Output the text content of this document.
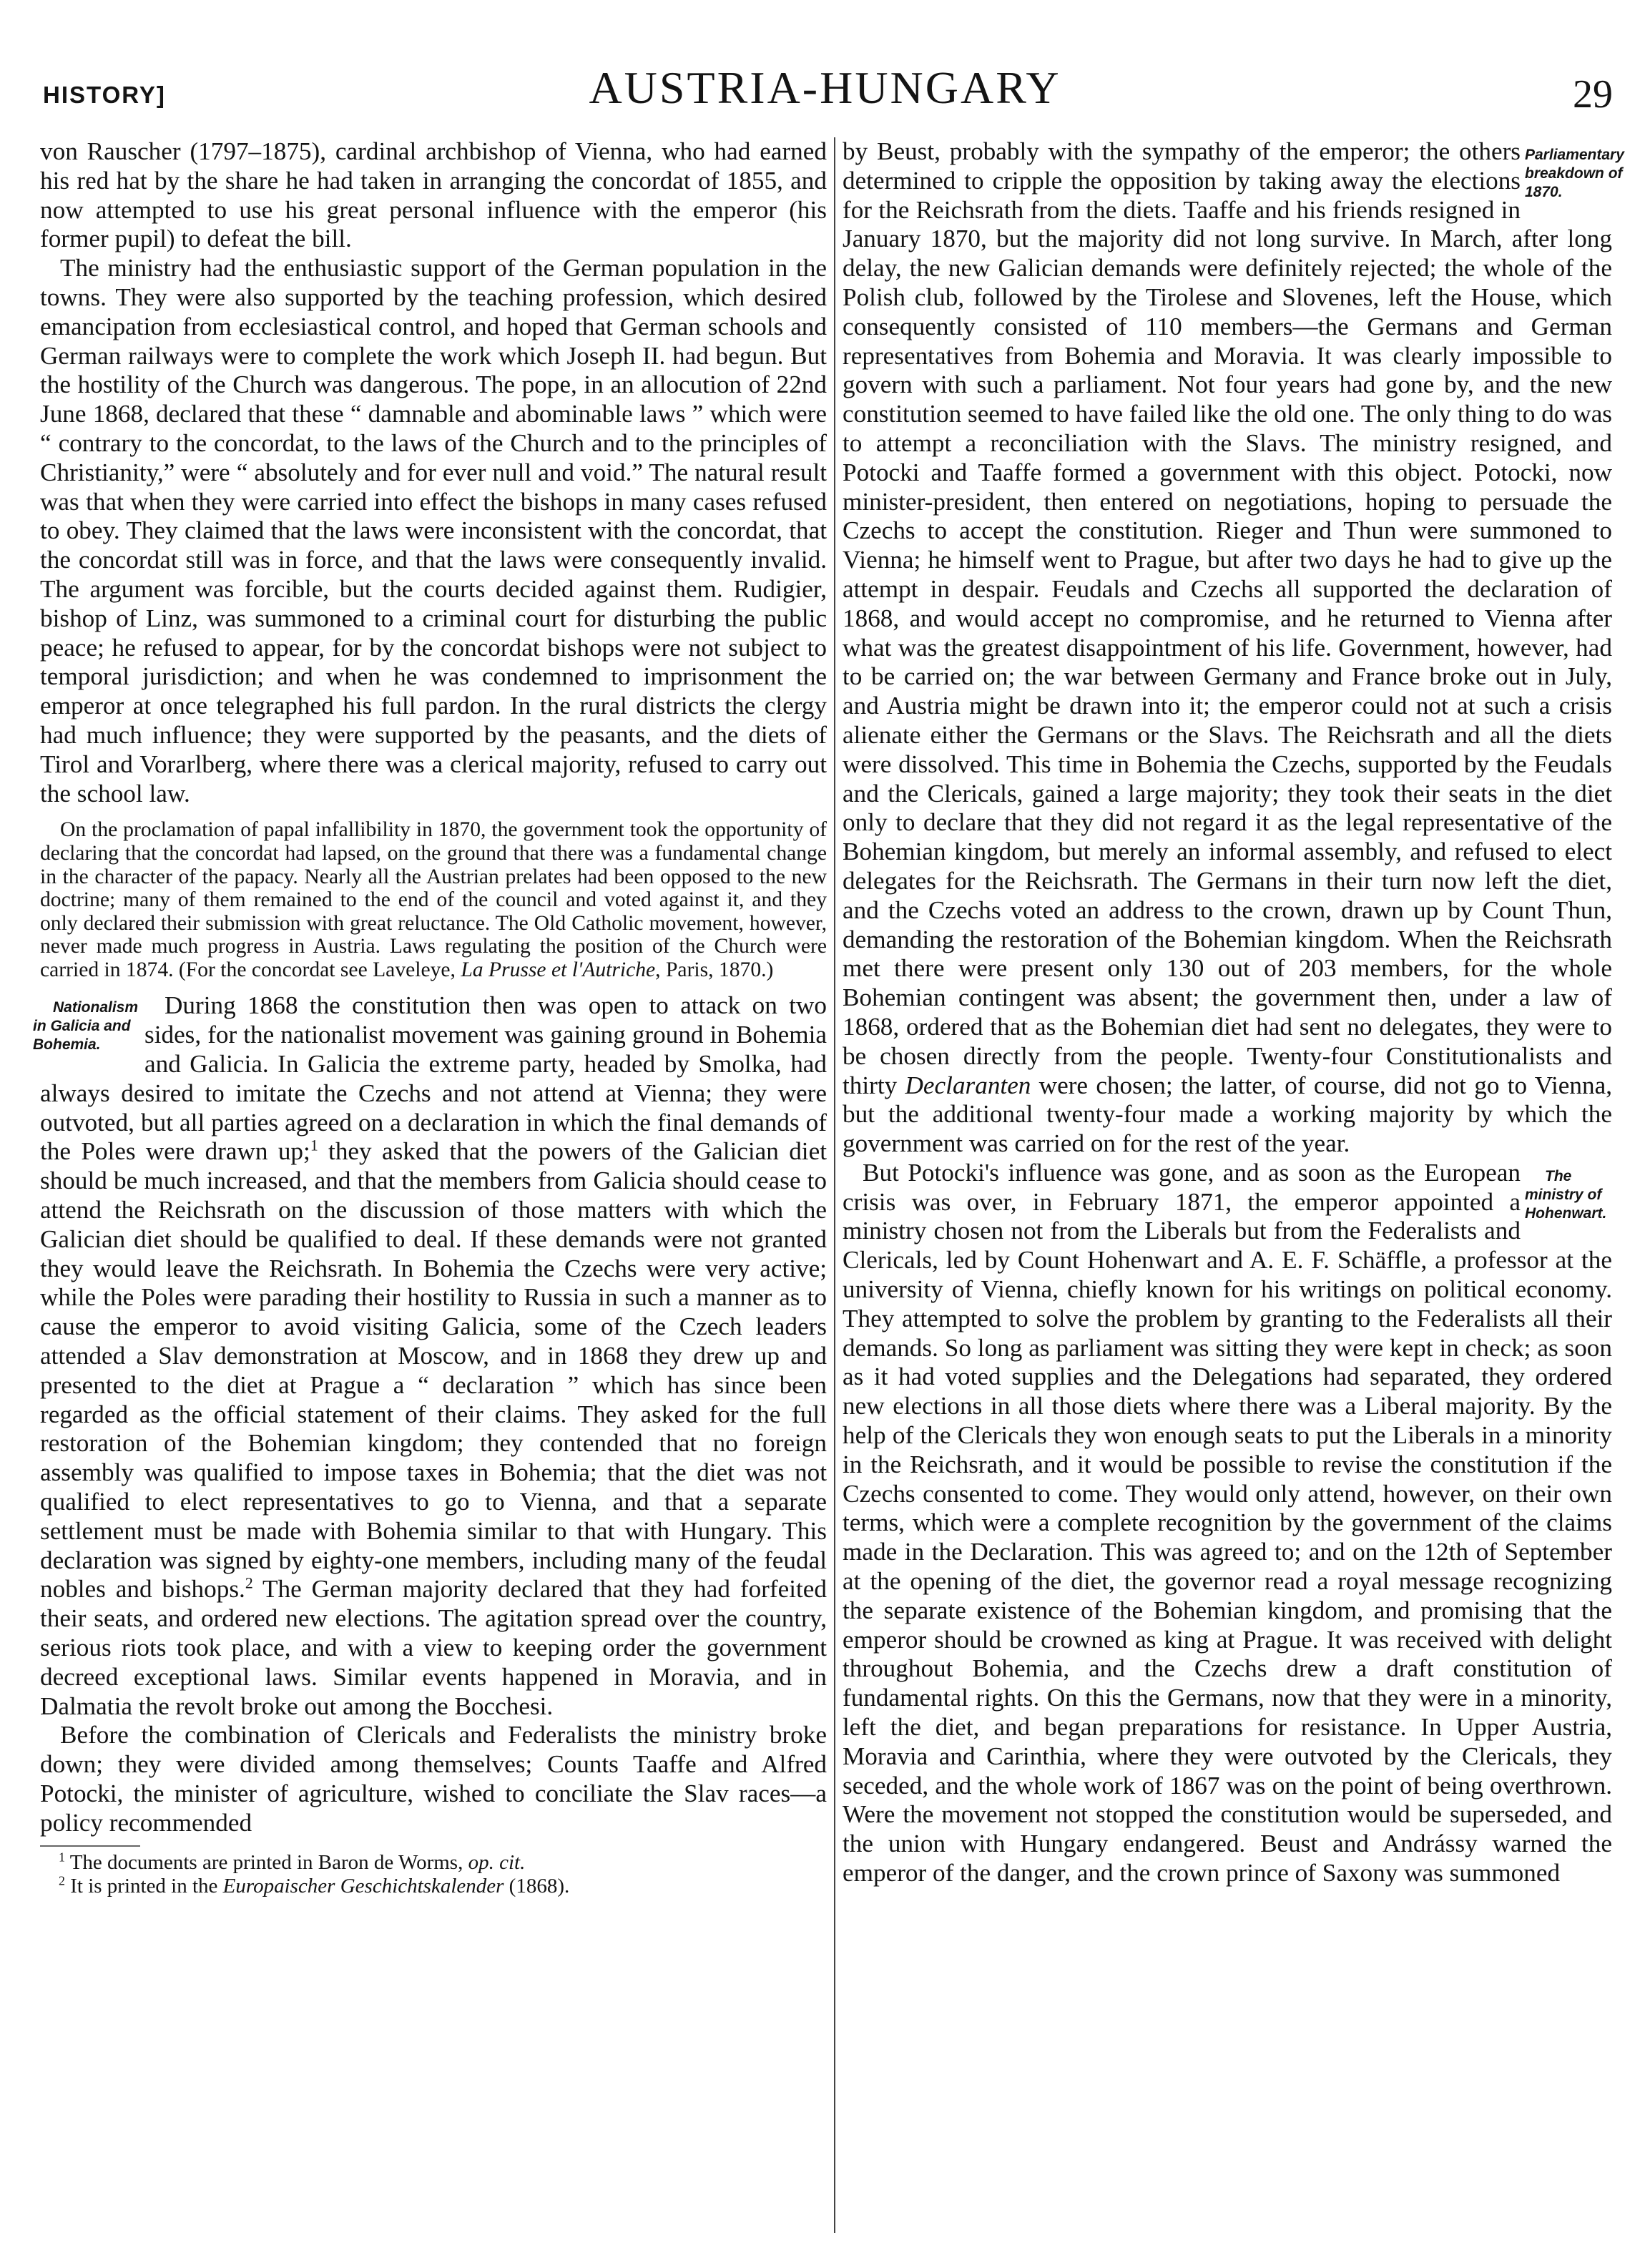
HISTORY]	AUSTRIA-HUNGARY	29

von Rauscher (1797–1875), cardinal archbishop of Vienna, who had earned his red hat by the share he had taken in arranging the concordat of 1855, and now attempted to use his great personal influence with the emperor (his former pupil) to defeat the bill.

The ministry had the enthusiastic support of the German population in the towns. They were also supported by the teaching profession, which desired emancipation from ecclesiastical control, and hoped that German schools and German railways were to complete the work which Joseph II. had begun. But the hostility of the Church was dangerous. The pope, in an allocution of 22nd June 1868, declared that these “ damnable and abominable laws ” which were “ contrary to the concordat, to the laws of the Church and to the principles of Christianity,” were “ absolutely and for ever null and void.” The natural result was that when they were carried into effect the bishops in many cases refused to obey. They claimed that the laws were inconsistent with the concordat, that the concordat still was in force, and that the laws were consequently invalid. The argument was forcible, but the courts decided against them. Rudigier, bishop of Linz, was summoned to a criminal court for disturbing the public peace; he refused to appear, for by the concordat bishops were not subject to temporal jurisdiction; and when he was condemned to imprisonment the emperor at once telegraphed his full pardon. In the rural districts the clergy had much influence; they were supported by the peasants, and the diets of Tirol and Vorarlberg, where there was a clerical majority, refused to carry out the school law.

On the proclamation of papal infallibility in 1870, the government took the opportunity of declaring that the concordat had lapsed, on the ground that there was a fundamental change in the character of the papacy. Nearly all the Austrian prelates had been opposed to the new doctrine; many of them remained to the end of the council and voted against it, and they only declared their submission with great reluctance. The Old Catholic movement, however, never made much progress in Austria. Laws regulating the position of the Church were carried in 1874. (For the concordat see Laveleye, La Prusse et l'Autriche, Paris, 1870.)

Nationalism in Galicia and Bohemia.
During 1868 the constitution then was open to attack on two sides, for the nationalist movement was gaining ground in Bohemia and Galicia. In Galicia the extreme party, headed by Smolka, had always desired to imitate the Czechs and not attend at Vienna; they were outvoted, but all parties agreed on a declaration in which the final demands of the Poles were drawn up;$^1$ they asked that the powers of the Galician diet should be much increased, and that the members from Galicia should cease to attend the Reichsrath on the discussion of those matters with which the Galician diet should be qualified to deal. If these demands were not granted they would leave the Reichsrath. In Bohemia the Czechs were very active; while the Poles were parading their hostility to Russia in such a manner as to cause the emperor to avoid visiting Galicia, some of the Czech leaders attended a Slav demonstration at Moscow, and in 1868 they drew up and presented to the diet at Prague a “ declaration ” which has since been regarded as the official statement of their claims. They asked for the full restoration of the Bohemian kingdom; they contended that no foreign assembly was qualified to impose taxes in Bohemia; that the diet was not qualified to elect representatives to go to Vienna, and that a separate settlement must be made with Bohemia similar to that with Hungary. This declaration was signed by eighty-one members, including many of the feudal nobles and bishops.$^2$ The German majority declared that they had forfeited their seats, and ordered new elections. The agitation spread over the country, serious riots took place, and with a view to keeping order the government decreed exceptional laws. Similar events happened in Moravia, and in Dalmatia the revolt broke out among the Bocchesi.

Before the combination of Clericals and Federalists the ministry broke down; they were divided among themselves; Counts Taaffe and Alfred Potocki, the minister of agriculture, wished to conciliate the Slav races—a policy recommended

$^1$ The documents are printed in Baron de Worms, op. cit.

$^2$ It is printed in the Europaischer Geschichtskalender (1868).

Parliamentary breakdown of 1870.
by Beust, probably with the sympathy of the emperor; the others determined to cripple the opposition by taking away the elections for the Reichsrath from the diets. Taaffe and his friends resigned in January 1870, but the majority did not long survive. In March, after long delay, the new Galician demands were definitely rejected; the whole of the Polish club, followed by the Tirolese and Slovenes, left the House, which consequently consisted of 110 members—the Germans and German representatives from Bohemia and Moravia. It was clearly impossible to govern with such a parliament. Not four years had gone by, and the new constitution seemed to have failed like the old one. The only thing to do was to attempt a reconciliation with the Slavs. The ministry resigned, and Potocki and Taaffe formed a government with this object. Potocki, now minister-president, then entered on negotiations, hoping to persuade the Czechs to accept the constitution. Rieger and Thun were summoned to Vienna; he himself went to Prague, but after two days he had to give up the attempt in despair. Feudals and Czechs all supported the declaration of 1868, and would accept no compromise, and he returned to Vienna after what was the greatest disappointment of his life. Government, however, had to be carried on; the war between Germany and France broke out in July, and Austria might be drawn into it; the emperor could not at such a crisis alienate either the Germans or the Slavs. The Reichsrath and all the diets were dissolved. This time in Bohemia the Czechs, supported by the Feudals and the Clericals, gained a large majority; they took their seats in the diet only to declare that they did not regard it as the legal representative of the Bohemian kingdom, but merely an informal assembly, and refused to elect delegates for the Reichsrath. The Germans in their turn now left the diet, and the Czechs voted an address to the crown, drawn up by Count Thun, demanding the restoration of the Bohemian kingdom. When the Reichsrath met there were present only 130 out of 203 members, for the whole Bohemian contingent was absent; the government then, under a law of 1868, ordered that as the Bohemian diet had sent no delegates, they were to be chosen directly from the people. Twenty-four Constitutionalists and thirty Declaranten were chosen; the latter, of course, did not go to Vienna, but the additional twenty-four made a working majority by which the government was carried on for the rest of the year.

The ministry of Hohenwart.
But Potocki's influence was gone, and as soon as the European crisis was over, in February 1871, the emperor appointed a ministry chosen not from the Liberals but from the Federalists and Clericals, led by Count Hohenwart and A. E. F. Schäffle, a professor at the university of Vienna, chiefly known for his writings on political economy. They attempted to solve the problem by granting to the Federalists all their demands. So long as parliament was sitting they were kept in check; as soon as it had voted supplies and the Delegations had separated, they ordered new elections in all those diets where there was a Liberal majority. By the help of the Clericals they won enough seats to put the Liberals in a minority in the Reichsrath, and it would be possible to revise the constitution if the Czechs consented to come. They would only attend, however, on their own terms, which were a complete recognition by the government of the claims made in the Declaration. This was agreed to; and on the 12th of September at the opening of the diet, the governor read a royal message recognizing the separate existence of the Bohemian kingdom, and promising that the emperor should be crowned as king at Prague. It was received with delight throughout Bohemia, and the Czechs drew a draft constitution of fundamental rights. On this the Germans, now that they were in a minority, left the diet, and began preparations for resistance. In Upper Austria, Moravia and Carinthia, where they were outvoted by the Clericals, they seceded, and the whole work of 1867 was on the point of being overthrown. Were the movement not stopped the constitution would be superseded, and the union with Hungary endangered. Beust and Andrássy warned the emperor of the danger, and the crown prince of Saxony was summoned
